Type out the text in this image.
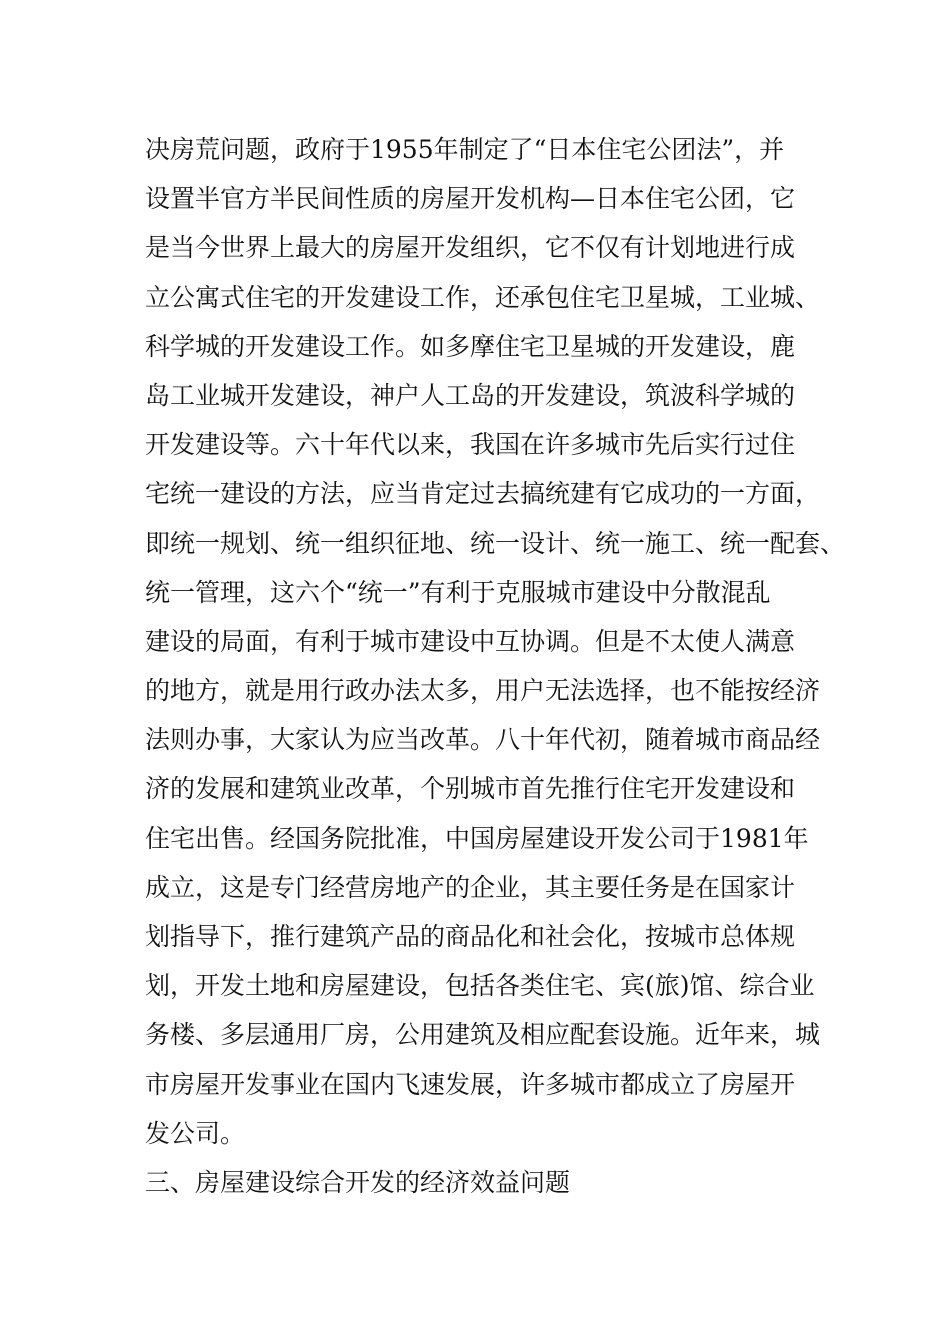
决房荒问题，政府于1955年制定了“日本住宅公团法”，并
设置半官方半民间性质的房屋开发机构—日本住宅公团，它
是当今世界上最大的房屋开发组织，它不仅有计划地进行成
立公寓式住宅的开发建设工作，还承包住宅卫星城，工业城、
科学城的开发建设工作。如多摩住宅卫星城的开发建设，鹿
岛工业城开发建设，神户人工岛的开发建设，筑波科学城的
开发建设等。六十年代以来，我国在许多城市先后实行过住
宅统一建设的方法，应当肯定过去搞统建有它成功的一方面，
即统一规划、统一组织征地、统一设计、统一施工、统一配套、
统一管理，这六个“统一”有利于克服城市建设中分散混乱
建设的局面，有利于城市建设中互协调。但是不太使人满意
的地方，就是用行政办法太多，用户无法选择，也不能按经济
法则办事，大家认为应当改革。八十年代初，随着城市商品经
济的发展和建筑业改革，个别城市首先推行住宅开发建设和
住宅出售。经国务院批准，中国房屋建设开发公司于1981年
成立，这是专门经营房地产的企业，其主要任务是在国家计
划指导下，推行建筑产品的商品化和社会化，按城市总体规
划，开发土地和房屋建设，包括各类住宅、宾(旅)馆、综合业
务楼、多层通用厂房，公用建筑及相应配套设施。近年来，城
市房屋开发事业在国内飞速发展，许多城市都成立了房屋开
发公司。
三、房屋建设综合开发的经济效益问题
